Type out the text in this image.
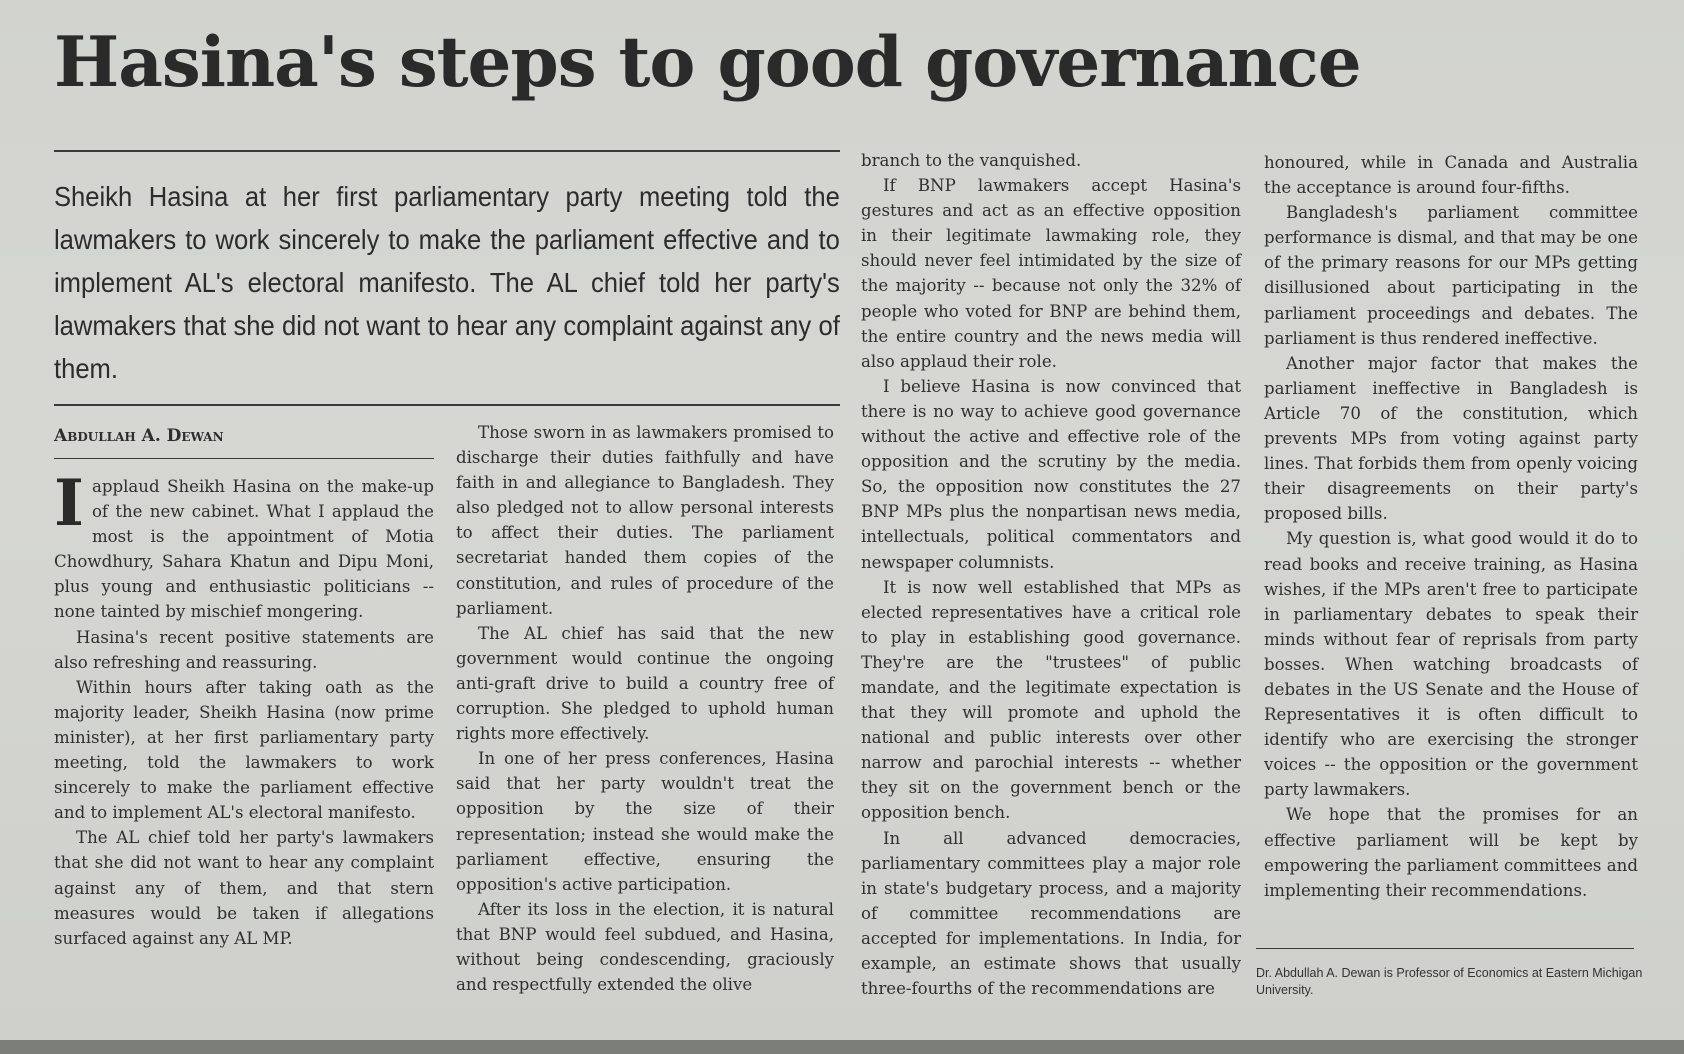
Hasina's steps to good governance

Sheikh Hasina at her first parliamentary party meeting told the lawmakers to work sincerely to make the parliament effective and to implement AL's electoral manifesto. The AL chief told her party's lawmakers that she did not want to hear any complaint against any of them.

Abdullah A. Dewan

Iapplaud Sheikh Hasina on the make-up of the new cabinet. What I applaud the most is the appointment of Motia Chowdhury, Sahara Khatun and Dipu Moni, plus young and enthusiastic politicians -- none tainted by mischief mongering.

Hasina's recent positive statements are also refreshing and reassuring.

Within hours after taking oath as the majority leader, Sheikh Hasina (now prime minister), at her first parliamentary party meeting, told the lawmakers to work sincerely to make the parliament effective and to implement AL's electoral manifesto.

The AL chief told her party's lawmakers that she did not want to hear any complaint against any of them, and that stern measures would be taken if allegations surfaced against any AL MP.

Those sworn in as lawmakers promised to discharge their duties faithfully and have faith in and allegiance to Bangladesh. They also pledged not to allow personal interests to affect their duties. The parliament secretariat handed them copies of the constitution, and rules of procedure of the parliament.

The AL chief has said that the new government would continue the ongoing anti-graft drive to build a country free of corruption. She pledged to uphold human rights more effectively.

In one of her press conferences, Hasina said that her party wouldn't treat the opposition by the size of their representation; instead she would make the parliament effective, ensuring the opposition's active participation.

After its loss in the election, it is natural that BNP would feel subdued, and Hasina, without being condescending, graciously and respectfully extended the olive

branch to the vanquished.

If BNP lawmakers accept Hasina's gestures and act as an effective opposition in their legitimate lawmaking role, they should never feel intimidated by the size of the majority -- because not only the 32% of people who voted for BNP are behind them, the entire country and the news media will also applaud their role.

I believe Hasina is now convinced that there is no way to achieve good governance without the active and effective role of the opposition and the scrutiny by the media. So, the opposition now constitutes the 27 BNP MPs plus the nonpartisan news media, intellectuals, political commentators and newspaper columnists.

It is now well established that MPs as elected representatives have a critical role to play in establishing good governance. They're are the "trustees" of public mandate, and the legitimate expectation is that they will promote and uphold the national and public interests over other narrow and parochial interests -- whether they sit on the government bench or the opposition bench.

In all advanced democracies, parliamentary committees play a major role in state's budgetary process, and a majority of committee recommendations are accepted for implementations. In India, for example, an estimate shows that usually three-fourths of the recommendations are

honoured, while in Canada and Australia the acceptance is around four-fifths.

Bangladesh's parliament committee performance is dismal, and that may be one of the primary reasons for our MPs getting disillusioned about participating in the parliament proceedings and debates. The parliament is thus rendered ineffective.

Another major factor that makes the parliament ineffective in Bangladesh is Article 70 of the constitution, which prevents MPs from voting against party lines. That forbids them from openly voicing their disagreements on their party's proposed bills.

My question is, what good would it do to read books and receive training, as Hasina wishes, if the MPs aren't free to participate in parliamentary debates to speak their minds without fear of reprisals from party bosses. When watching broadcasts of debates in the US Senate and the House of Representatives it is often difficult to identify who are exercising the stronger voices -- the opposition or the government party lawmakers.

We hope that the promises for an effective parliament will be kept by empowering the parliament committees and implementing their recommendations.

Dr. Abdullah A. Dewan is Professor of Economics at Eastern Michigan University.
